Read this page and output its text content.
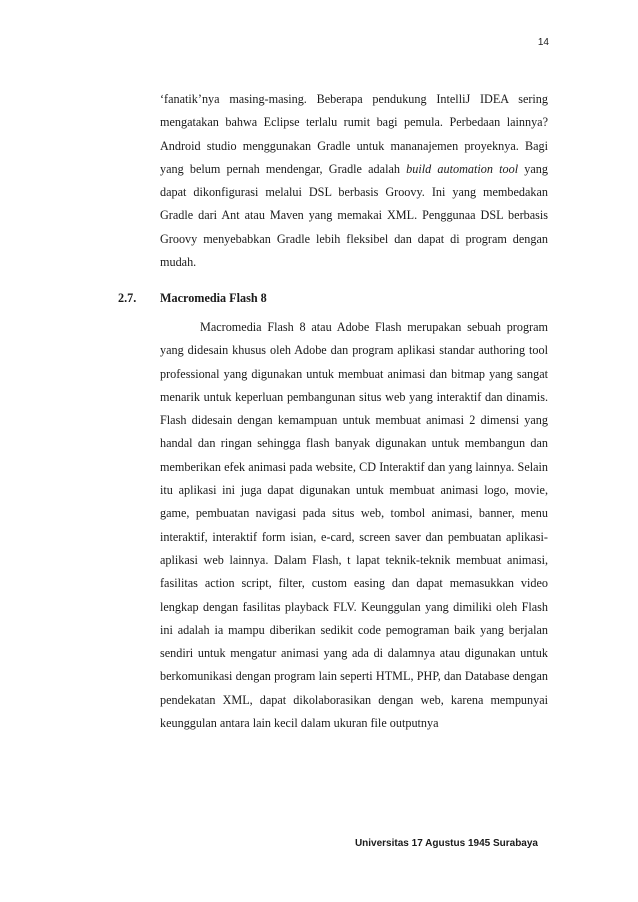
14

‘fanatik’nya masing-masing. Beberapa pendukung IntelliJ IDEA sering mengatakan bahwa Eclipse terlalu rumit bagi pemula. Perbedaan lainnya? Android studio menggunakan Gradle untuk mananajemen proyeknya. Bagi yang belum pernah mendengar, Gradle adalah build automation tool yang dapat dikonfigurasi melalui DSL berbasis Groovy. Ini yang membedakan Gradle dari Ant atau Maven yang memakai XML. Penggunaa DSL berbasis Groovy menyebabkan Gradle lebih fleksibel dan dapat di program dengan mudah.

2.7. Macromedia Flash 8

Macromedia Flash 8 atau Adobe Flash merupakan sebuah program yang didesain khusus oleh Adobe dan program aplikasi standar authoring tool professional yang digunakan untuk membuat animasi dan bitmap yang sangat menarik untuk keperluan pembangunan situs web yang interaktif dan dinamis. Flash didesain dengan kemampuan untuk membuat animasi 2 dimensi yang handal dan ringan sehingga flash banyak digunakan untuk membangun dan memberikan efek animasi pada website, CD Interaktif dan yang lainnya. Selain itu aplikasi ini juga dapat digunakan untuk membuat animasi logo, movie, game, pembuatan navigasi pada situs web, tombol animasi, banner, menu interaktif, interaktif form isian, e-card, screen saver dan pembuatan aplikasi-aplikasi web lainnya. Dalam Flash, t lapat teknik-teknik membuat animasi, fasilitas action script, filter, custom easing dan dapat memasukkan video lengkap dengan fasilitas playback FLV. Keunggulan yang dimiliki oleh Flash ini adalah ia mampu diberikan sedikit code pemograman baik yang berjalan sendiri untuk mengatur animasi yang ada di dalamnya atau digunakan untuk berkomunikasi dengan program lain seperti HTML, PHP, dan Database dengan pendekatan XML, dapat dikolaborasikan dengan web, karena mempunyai keunggulan antara lain kecil dalam ukuran file outputnya

Universitas 17 Agustus 1945 Surabaya
